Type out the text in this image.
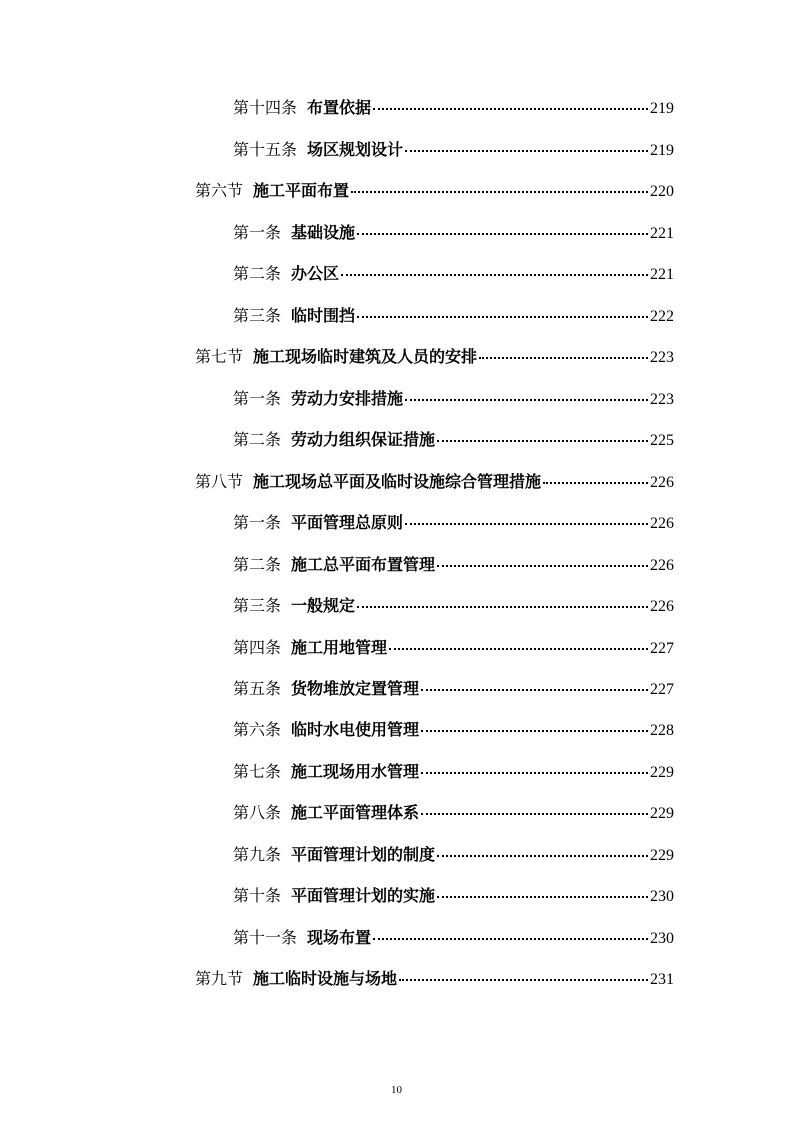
第十四条 布置依据	219
第十五条 场区规划设计	219
第六节 施工平面布置	220
第一条 基础设施	221
第二条 办公区	221
第三条 临时围挡	222
第七节 施工现场临时建筑及人员的安排	223
第一条 劳动力安排措施	223
第二条 劳动力组织保证措施	225
第八节 施工现场总平面及临时设施综合管理措施	226
第一条 平面管理总原则	226
第二条 施工总平面布置管理	226
第三条 一般规定	226
第四条 施工用地管理	227
第五条 货物堆放定置管理	227
第六条 临时水电使用管理	228
第七条 施工现场用水管理	229
第八条 施工平面管理体系	229
第九条 平面管理计划的制度	229
第十条 平面管理计划的实施	230
第十一条 现场布置	230
第九节 施工临时设施与场地	231
10
